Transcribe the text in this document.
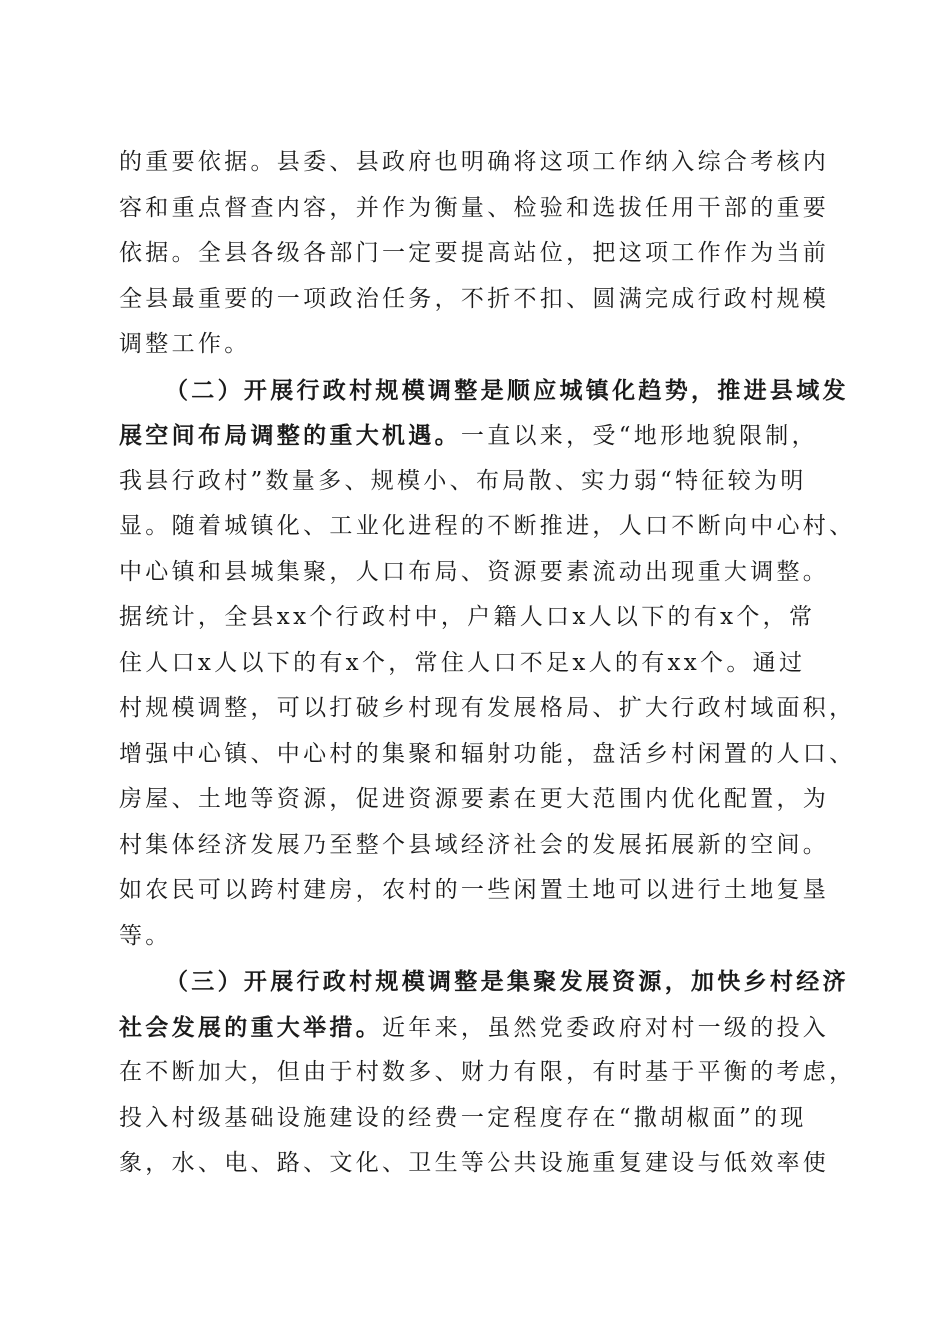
的重要依据。县委、县政府也明确将这项工作纳入综合考核内
容和重点督查内容，并作为衡量、检验和选拔任用干部的重要
依据。全县各级各部门一定要提高站位，把这项工作作为当前
全县最重要的一项政治任务，不折不扣、圆满完成行政村规模
调整工作。
（二）开展行政村规模调整是顺应城镇化趋势，推进县域发
展空间布局调整的重大机遇。一直以来，受“地形地貌限制，
我县行政村”数量多、规模小、布局散、实力弱“特征较为明
显。随着城镇化、工业化进程的不断推进，人口不断向中心村、
中心镇和县城集聚，人口布局、资源要素流动出现重大调整。
据统计，全县xx个行政村中，户籍人口x人以下的有x个，常
住人口x人以下的有x个，常住人口不足x人的有xx个。通过
村规模调整，可以打破乡村现有发展格局、扩大行政村域面积，
增强中心镇、中心村的集聚和辐射功能，盘活乡村闲置的人口、
房屋、土地等资源，促进资源要素在更大范围内优化配置，为
村集体经济发展乃至整个县域经济社会的发展拓展新的空间。
如农民可以跨村建房，农村的一些闲置土地可以进行土地复垦
等。
（三）开展行政村规模调整是集聚发展资源，加快乡村经济
社会发展的重大举措。近年来，虽然党委政府对村一级的投入
在不断加大，但由于村数多、财力有限，有时基于平衡的考虑，
投入村级基础设施建设的经费一定程度存在“撒胡椒面”的现
象，水、电、路、文化、卫生等公共设施重复建设与低效率使
